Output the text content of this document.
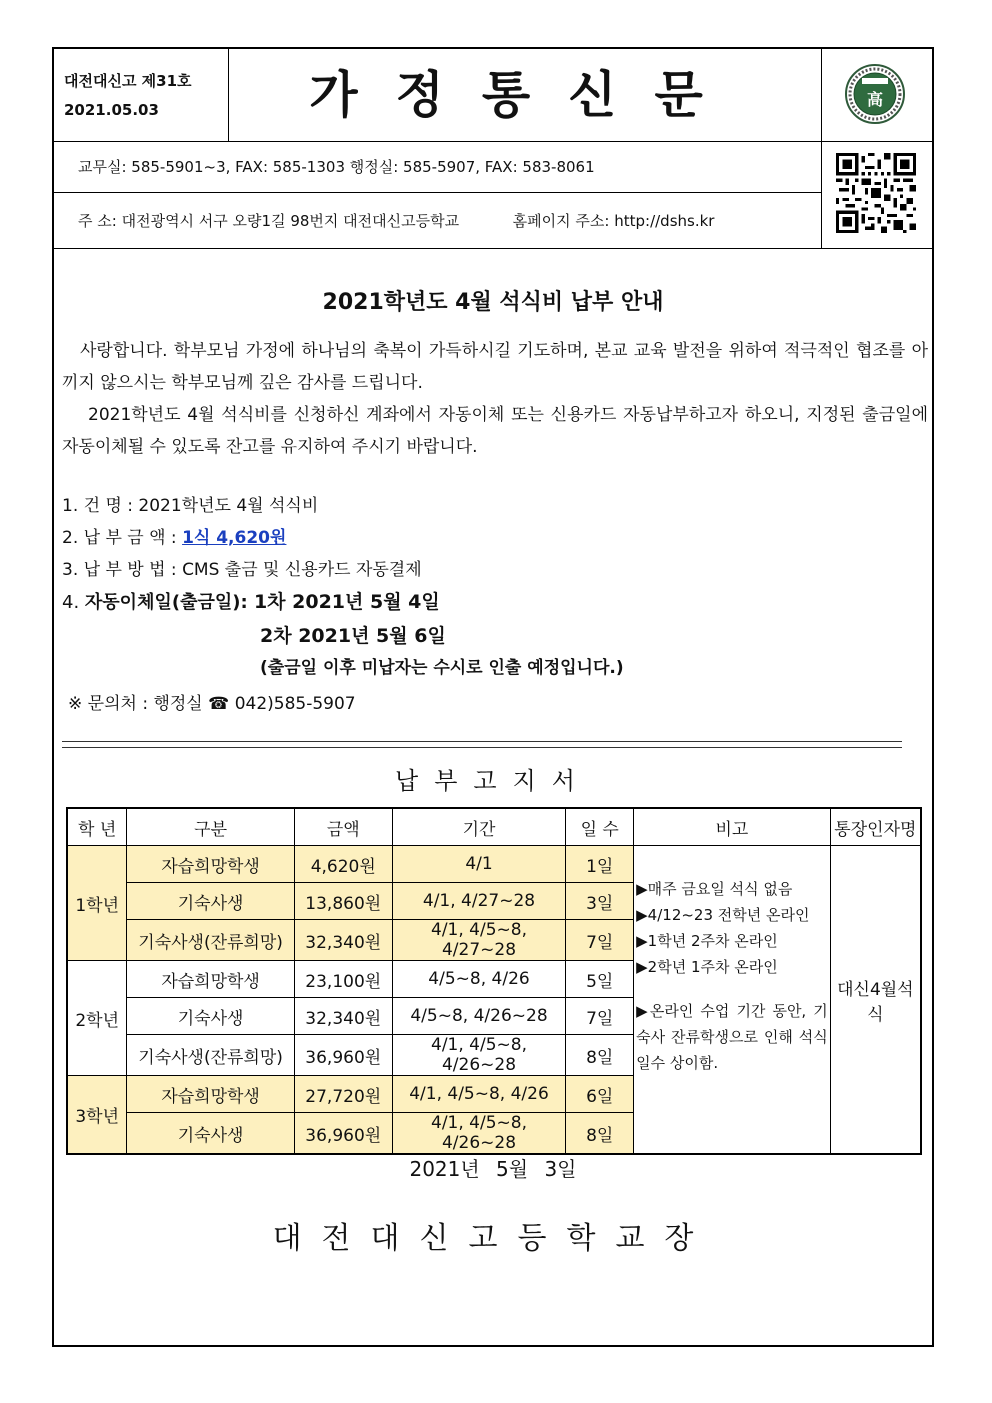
대전대신고 제31호
2021.05.03	가정통신문	高
교무실: 585-5901~3, FAX: 585-1303 행정실: 585-5907, FAX: 583-8061
주 소: 대전광역시 서구 오량1길 98번지 대전대신고등학교	홈페이지 주소: http://dshs.kr
2021학년도 4월 석식비 납부 안내
사랑합니다. 학부모님 가정에 하나님의 축복이 가득하시길 기도하며, 본교 교육 발전을 위하여 적극적인 협조를 아끼지 않으시는 학부모님께 깊은 감사를 드립니다.
2021학년도 4월 석식비를 신청하신 계좌에서 자동이체 또는 신용카드 자동납부하고자 하오니, 지정된 출금일에 자동이체될 수 있도록 잔고를 유지하여 주시기 바랍니다.
1. 건 명 : 2021학년도 4월 석식비
2. 납 부 금 액 : 1식 4,620원
3. 납 부 방 법 : CMS 출금 및 신용카드 자동결제
4. 자동이체일(출금일): 1차 2021년 5월 4일
2차 2021년 5월 6일
(출금일 이후 미납자는 수시로 인출 예정입니다.)
※ 문의처 : 행정실 ☎ 042)585-5907
납부고지서
학 년	구분	금액	기간	일 수	비고	통장인자명
1학년	자습희망학생	4,620원	4/1	1일	▶매주 금요일 석식 없음
▶4/12~23 전학년 온라인
▶1학년 2주차 온라인
▶2학년 1주차 온라인
▶온라인 수업 기간 동안, 기숙사 잔류학생으로 인해 석식일수 상이함.	대신4월석식
	기숙사생	13,860원	4/1, 4/27~28	3일		
	기숙사생(잔류희망)	32,340원	4/1, 4/5~8, 4/27~28	7일		
2학년	자습희망학생	23,100원	4/5~8, 4/26	5일		
	기숙사생	32,340원	4/5~8, 4/26~28	7일		
	기숙사생(잔류희망)	36,960원	4/1, 4/5~8, 4/26~28	8일		
3학년	자습희망학생	27,720원	4/1, 4/5~8, 4/26	6일		
	기숙사생	36,960원	4/1, 4/5~8, 4/26~28	8일		
2021년 5월 3일
대전대신고등학교장
